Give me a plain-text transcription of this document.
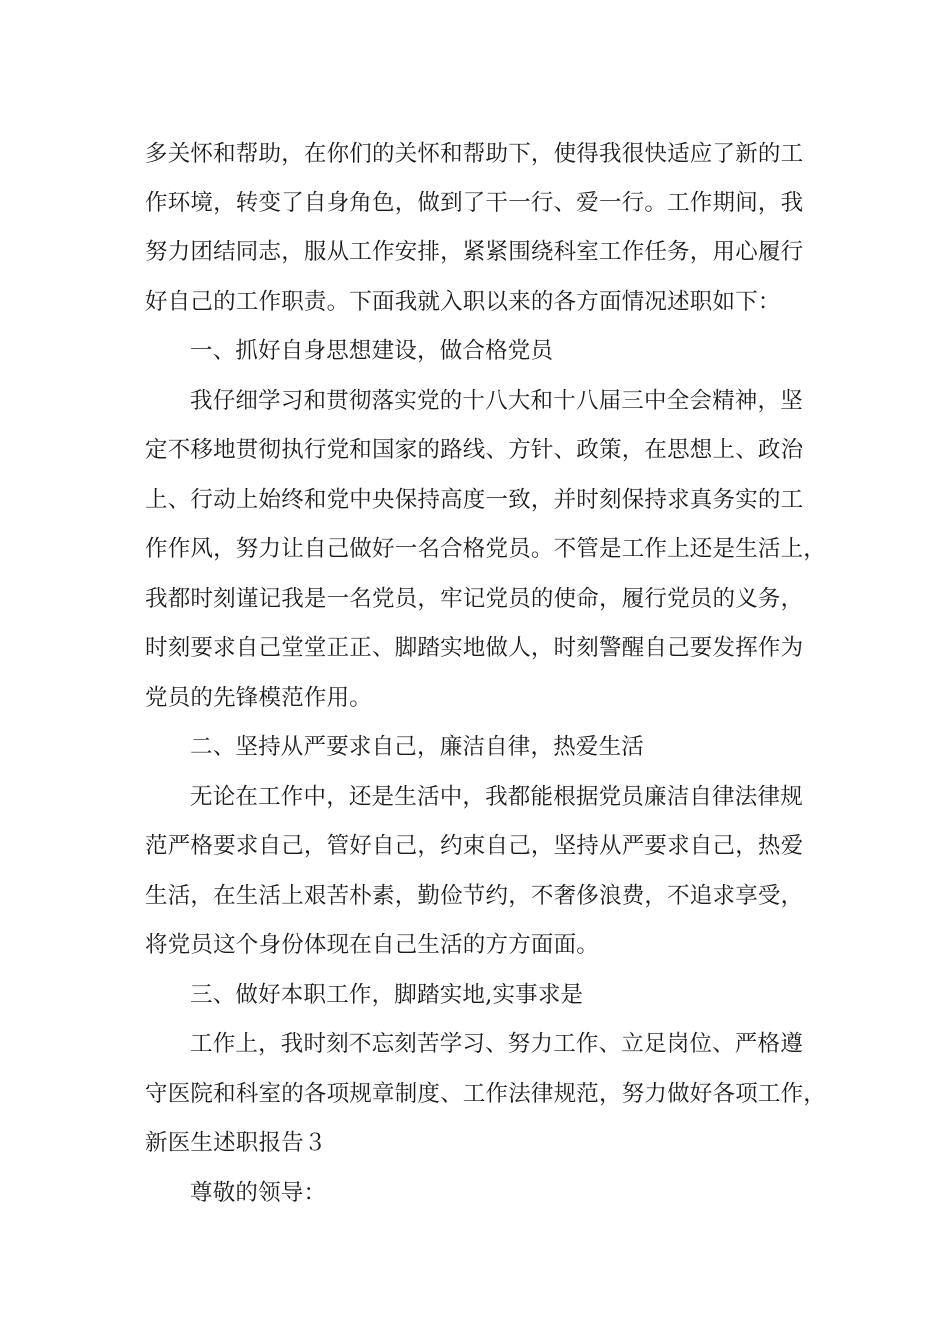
多关怀和帮助，在你们的关怀和帮助下，使得我很快适应了新的工
作环境，转变了自身角色，做到了干一行、爱一行。工作期间，我
努力团结同志，服从工作安排，紧紧围绕科室工作任务，用心履行
好自己的工作职责。下面我就入职以来的各方面情况述职如下：
一、抓好自身思想建设，做合格党员
我仔细学习和贯彻落实党的十八大和十八届三中全会精神，坚
定不移地贯彻执行党和国家的路线、方针、政策，在思想上、政治
上、行动上始终和党中央保持高度一致，并时刻保持求真务实的工
作作风，努力让自己做好一名合格党员。不管是工作上还是生活上，
我都时刻谨记我是一名党员，牢记党员的使命，履行党员的义务，
时刻要求自己堂堂正正、脚踏实地做人，时刻警醒自己要发挥作为
党员的先锋模范作用。
二、坚持从严要求自己，廉洁自律，热爱生活
无论在工作中，还是生活中，我都能根据党员廉洁自律法律规
范严格要求自己，管好自己，约束自己，坚持从严要求自己，热爱
生活，在生活上艰苦朴素，勤俭节约，不奢侈浪费，不追求享受，
将党员这个身份体现在自己生活的方方面面。
三、做好本职工作，脚踏实地,实事求是
工作上，我时刻不忘刻苦学习、努力工作、立足岗位、严格遵
守医院和科室的各项规章制度、工作法律规范，努力做好各项工作，
新医生述职报告３
尊敬的领导：
